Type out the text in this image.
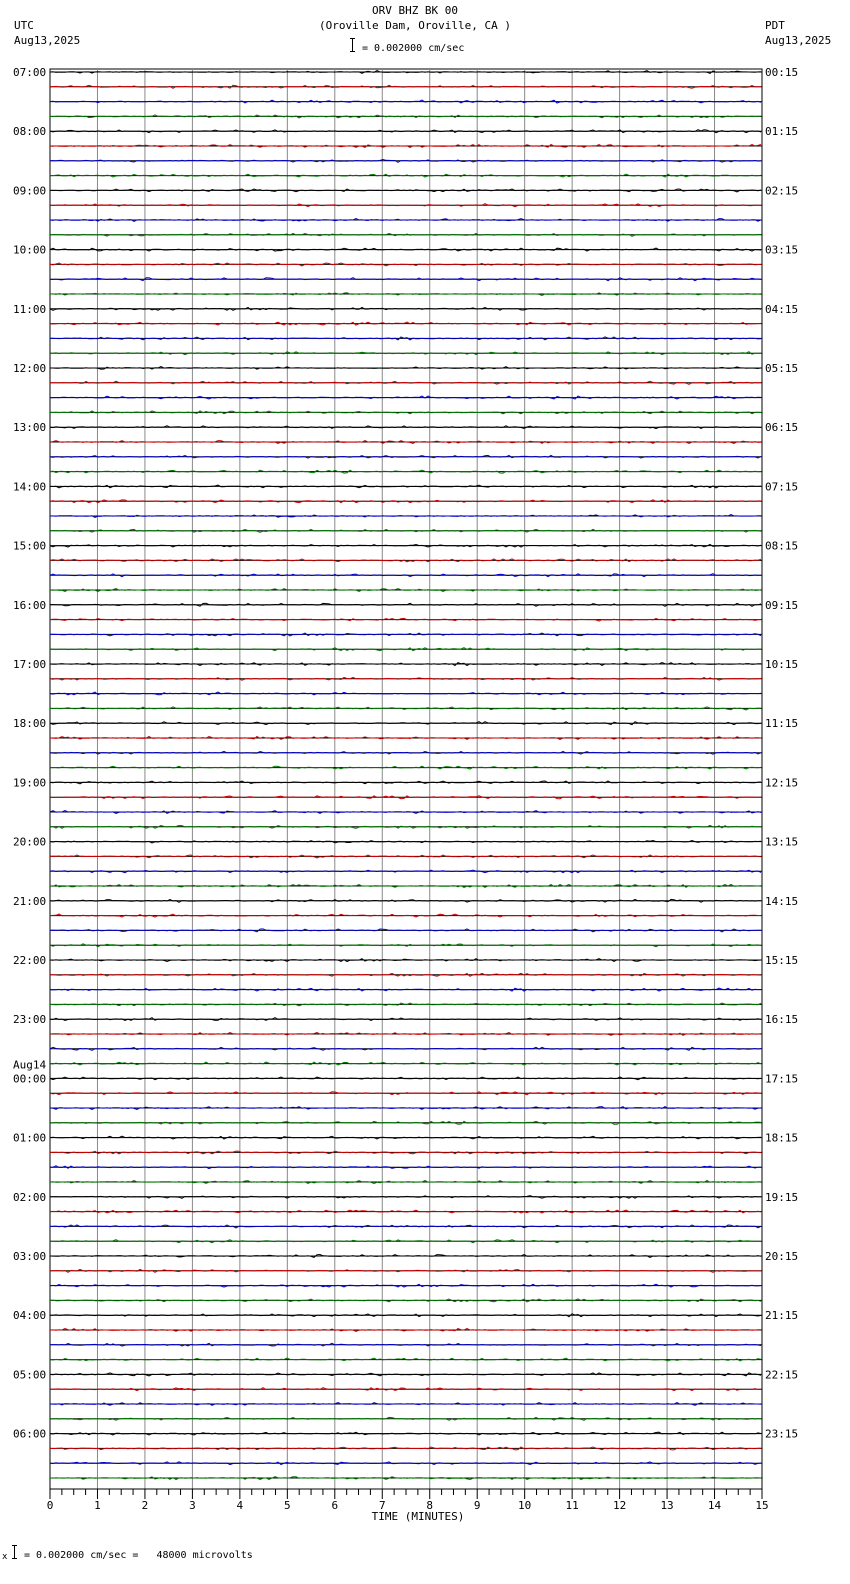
ORV BHZ BK 00
(Oroville Dam, Oroville, CA )
UTC
Aug13,2025
PDT
Aug13,2025
= 0.002000 cm/sec
07:00	00:15
08:00	01:15
09:00	02:15
10:00	03:15
11:00	04:15
12:00	05:15
13:00	06:15
14:00	07:15
15:00	08:15
16:00	09:15
17:00	10:15
18:00	11:15
19:00	12:15
20:00	13:15
21:00	14:15
22:00	15:15
23:00	16:15
00:00	17:15
01:00	18:15
02:00	19:15
03:00	20:15
04:00	21:15
05:00	22:15
06:00	23:15
Aug14
0	1	2	3	4	5	6	7	8	9	10	11	12	13	14	15
TIME (MINUTES)
x = 0.002000 cm/sec =   48000 microvolts
